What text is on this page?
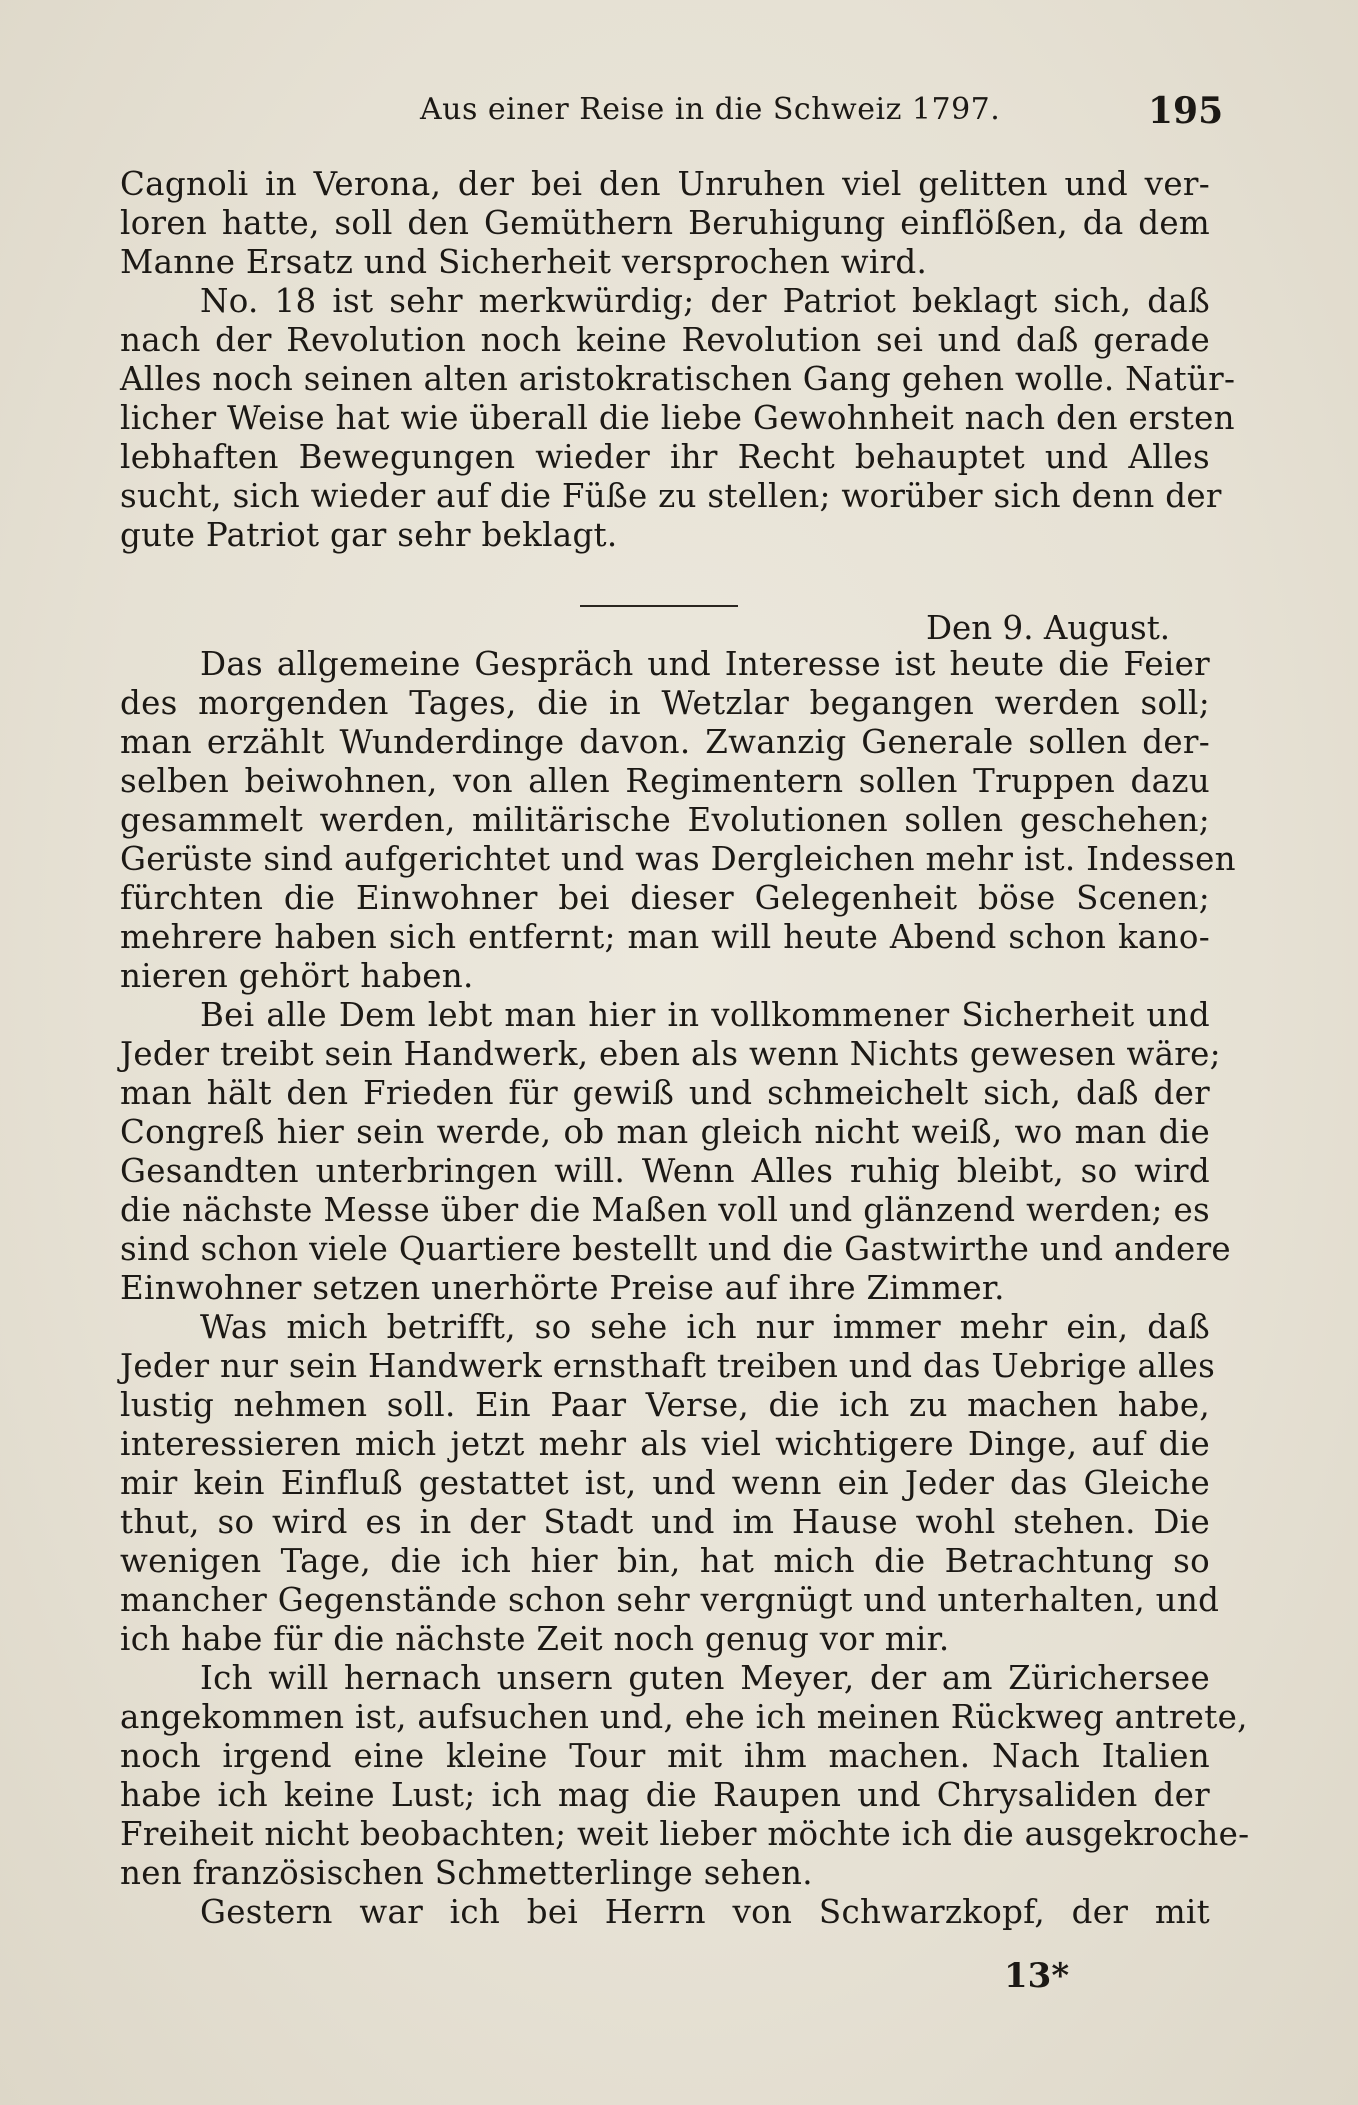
Aus einer Reise in die Schweiz 1797.	195
Cagnoli in Verona, der bei den Unruhen viel gelitten und ver-
loren hatte, soll den Gemüthern Beruhigung einflößen, da dem
Manne Ersatz und Sicherheit versprochen wird.
No. 18 ist sehr merkwürdig; der Patriot beklagt sich, daß
nach der Revolution noch keine Revolution sei und daß gerade
Alles noch seinen alten aristokratischen Gang gehen wolle. Natür-
licher Weise hat wie überall die liebe Gewohnheit nach den ersten
lebhaften Bewegungen wieder ihr Recht behauptet und Alles
sucht, sich wieder auf die Füße zu stellen; worüber sich denn der
gute Patriot gar sehr beklagt.
Das allgemeine Gespräch und Interesse ist heute die Feier
des morgenden Tages, die in Wetzlar begangen werden soll;
man erzählt Wunderdinge davon. Zwanzig Generale sollen der-
selben beiwohnen, von allen Regimentern sollen Truppen dazu
gesammelt werden, militärische Evolutionen sollen geschehen;
Gerüste sind aufgerichtet und was Dergleichen mehr ist. Indessen
fürchten die Einwohner bei dieser Gelegenheit böse Scenen;
mehrere haben sich entfernt; man will heute Abend schon kano-
nieren gehört haben.
Bei alle Dem lebt man hier in vollkommener Sicherheit und
Jeder treibt sein Handwerk, eben als wenn Nichts gewesen wäre;
man hält den Frieden für gewiß und schmeichelt sich, daß der
Congreß hier sein werde, ob man gleich nicht weiß, wo man die
Gesandten unterbringen will. Wenn Alles ruhig bleibt, so wird
die nächste Messe über die Maßen voll und glänzend werden; es
sind schon viele Quartiere bestellt und die Gastwirthe und andere
Einwohner setzen unerhörte Preise auf ihre Zimmer.
Was mich betrifft, so sehe ich nur immer mehr ein, daß
Jeder nur sein Handwerk ernsthaft treiben und das Uebrige alles
lustig nehmen soll. Ein Paar Verse, die ich zu machen habe,
interessieren mich jetzt mehr als viel wichtigere Dinge, auf die
mir kein Einfluß gestattet ist, und wenn ein Jeder das Gleiche
thut, so wird es in der Stadt und im Hause wohl stehen. Die
wenigen Tage, die ich hier bin, hat mich die Betrachtung so
mancher Gegenstände schon sehr vergnügt und unterhalten, und
ich habe für die nächste Zeit noch genug vor mir.
Ich will hernach unsern guten Meyer, der am Zürichersee
angekommen ist, aufsuchen und, ehe ich meinen Rückweg antrete,
noch irgend eine kleine Tour mit ihm machen. Nach Italien
habe ich keine Lust; ich mag die Raupen und Chrysaliden der
Freiheit nicht beobachten; weit lieber möchte ich die ausgekroche-
nen französischen Schmetterlinge sehen.
Gestern war ich bei Herrn von Schwarzkopf, der mit
Den 9. August.
13*
